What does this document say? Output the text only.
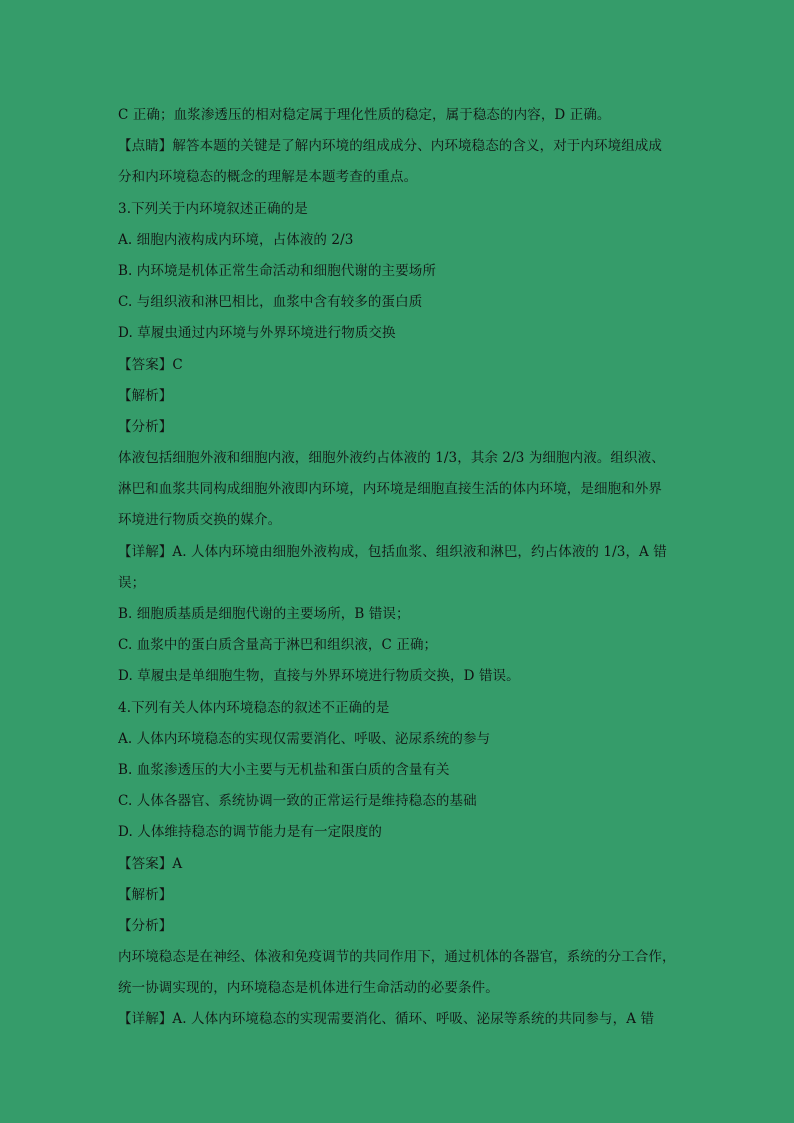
C 正确；血浆渗透压的相对稳定属于理化性质的稳定，属于稳态的内容，D 正确。
【点睛】解答本题的关键是了解内环境的组成成分、内环境稳态的含义，对于内环境组成成
分和内环境稳态的概念的理解是本题考查的重点。
3.下列关于内环境叙述正确的是
A. 细胞内液构成内环境，占体液的 2/3
B. 内环境是机体正常生命活动和细胞代谢的主要场所
C. 与组织液和淋巴相比，血浆中含有较多的蛋白质
D. 草履虫通过内环境与外界环境进行物质交换
【答案】C
【解析】
【分析】
体液包括细胞外液和细胞内液，细胞外液约占体液的 1/3，其余 2/3 为细胞内液。组织液、
淋巴和血浆共同构成细胞外液即内环境，内环境是细胞直接生活的体内环境，是细胞和外界
环境进行物质交换的媒介。
【详解】A. 人体内环境由细胞外液构成，包括血浆、组织液和淋巴，约占体液的 1/3，A 错
误；
B. 细胞质基质是细胞代谢的主要场所，B 错误；
C. 血浆中的蛋白质含量高于淋巴和组织液，C 正确；
D. 草履虫是单细胞生物，直接与外界环境进行物质交换，D 错误。
4.下列有关人体内环境稳态的叙述不正确的是
A. 人体内环境稳态的实现仅需要消化、呼吸、泌尿系统的参与
B. 血浆渗透压的大小主要与无机盐和蛋白质的含量有关
C. 人体各器官、系统协调一致的正常运行是维持稳态的基础
D. 人体维持稳态的调节能力是有一定限度的
【答案】A
【解析】
【分析】
内环境稳态是在神经、体液和免疫调节的共同作用下，通过机体的各器官，系统的分工合作，
统一协调实现的，内环境稳态是机体进行生命活动的必要条件。
【详解】A. 人体内环境稳态的实现需要消化、循环、呼吸、泌尿等系统的共同参与，A 错
